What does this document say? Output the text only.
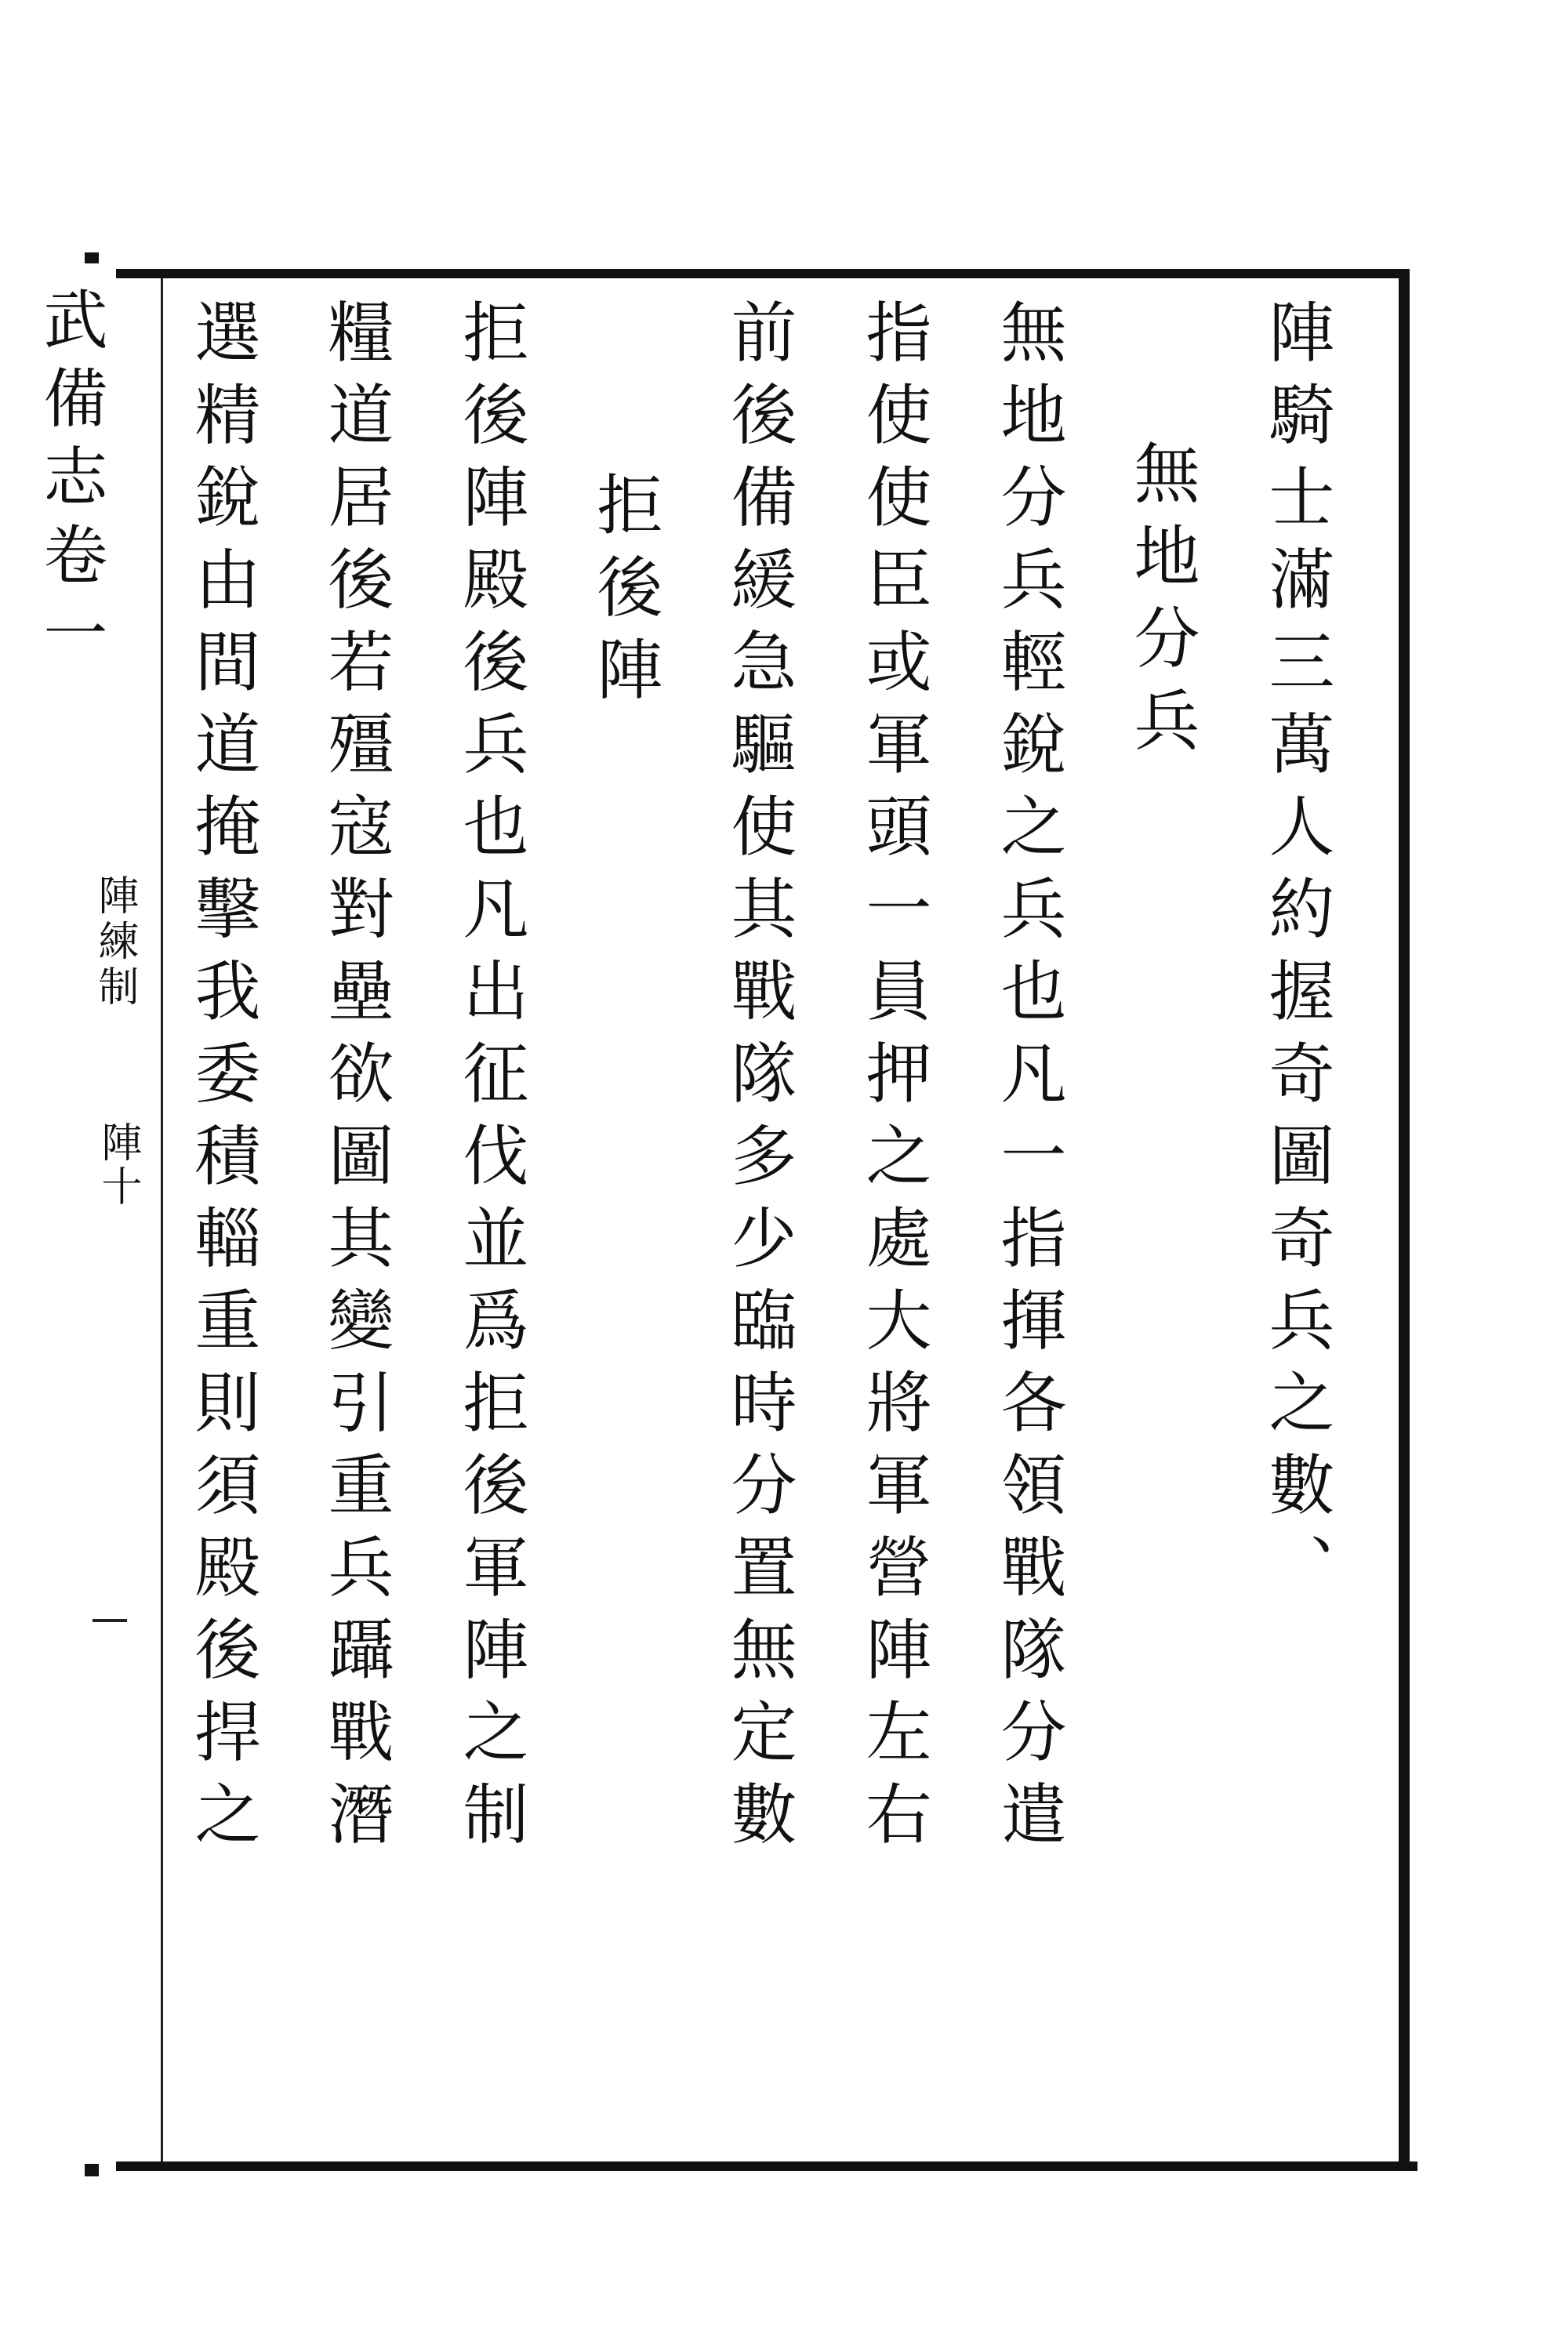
武備志卷一
陣練制
陣十	陣騎士滿三萬人約握奇圖奇兵之數、
無地分兵
無地分兵輕銳之兵也凡一指揮各領戰隊分遣
指使使臣或軍頭一員押之處大將軍營陣左右
前後備緩急驅使其戰隊多少臨時分置無定數
拒後陣
拒後陣殿後兵也凡出征伐並爲拒後軍陣之制
糧道居後若殭寇對壘欲圖其變引重兵躡戰潛
選精銳由間道掩擊我委積輜重則須殿後捍之
